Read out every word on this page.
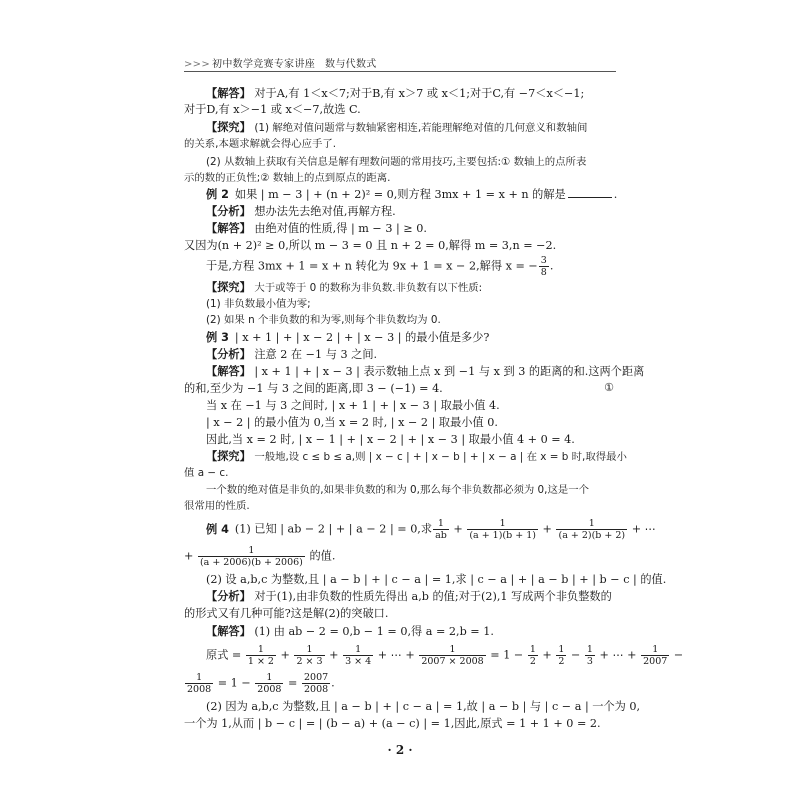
>>> 初中数学竞赛专家讲座 数与代数式
【解答】 对于A,有 1＜x＜7;对于B,有 x＞7 或 x＜1;对于C,有 −7＜x＜−1;
对于D,有 x＞−1 或 x＜−7,故选 C.
【探究】 (1) 解绝对值问题常与数轴紧密相连,若能理解绝对值的几何意义和数轴间
的关系,本题求解就会得心应手了.
(2) 从数轴上获取有关信息是解有理数问题的常用技巧,主要包括:① 数轴上的点所表
示的数的正负性;② 数轴上的点到原点的距离.
例 2 如果 | m − 3 | + (n + 2)² = 0,则方程 3mx + 1 = x + n 的解是	.
【分析】 想办法先去绝对值,再解方程.
【解答】 由绝对值的性质,得 | m − 3 | ≥ 0.
又因为(n + 2)² ≥ 0,所以 m − 3 = 0 且 n + 2 = 0,解得 m = 3,n = −2.
于是,方程 3mx + 1 = x + n 转化为 9x + 1 = x − 2,解得 x = − $\frac{3}{8}$ .
【探究】 大于或等于 0 的数称为非负数.非负数有以下性质:
(1) 非负数最小值为零;
(2) 如果 n 个非负数的和为零,则每个非负数均为 0.
例 3 | x + 1 | + | x − 2 | + | x − 3 | 的最小值是多少?
【分析】 注意 2 在 −1 与 3 之间.
【解答】 | x + 1 | + | x − 3 | 表示数轴上点 x 到 −1 与 x 到 3 的距离的和.这两个距离
的和,至少为 −1 与 3 之间的距离,即 3 − (−1) = 4.	①
当 x 在 −1 与 3 之间时, | x + 1 | + | x − 3 | 取最小值 4.
| x − 2 | 的最小值为 0,当 x = 2 时, | x − 2 | 取最小值 0.
因此,当 x = 2 时, | x − 1 | + | x − 2 | + | x − 3 | 取最小值 4 + 0 = 4.
【探究】 一般地,设 c ≤ b ≤ a,则 | x − c | + | x − b | + | x − a | 在 x = b 时,取得最小
值 a − c.
一个数的绝对值是非负的,如果非负数的和为 0,那么每个非负数都必须为 0,这是一个
很常用的性质.
例 4 (1) 已知 | ab − 2 | + | a − 2 | = 0,求 $\frac{1}{ab} + \frac{1}{(a + 1)(b + 1)} + \frac{1}{(a + 2)(b + 2)}$ + ⋯
+ $\frac{1}{(a + 2006)(b + 2006)}$ 的值.
(2) 设 a,b,c 为整数,且 | a − b | + | c − a | = 1,求 | c − a | + | a − b | + | b − c | 的值.
【分析】 对于(1),由非负数的性质先得出 a,b 的值;对于(2),1 写成两个非负整数的
的形式又有几种可能?这是解(2)的突破口.
【解答】 (1) 由 ab − 2 = 0,b − 1 = 0,得 a = 2,b = 1.
原式 = $\frac{1}{1 \times 2} + \frac{1}{2 \times 3} + \frac{1}{3 \times 4}$ + ⋯ + $\frac{1}{2007 \times 2008} = 1 - \frac{1}{2} + \frac{1}{2} - \frac{1}{3}$ + ⋯ + $\frac{1}{2007}$ −
$\frac{1}{2008} = 1 - \frac{1}{2008} = \frac{2007}{2008}$ .
(2) 因为 a,b,c 为整数,且 | a − b | + | c − a | = 1,故 | a − b | 与 | c − a | 一个为 0,
一个为 1,从而 | b − c | = | (b − a) + (a − c) | = 1,因此,原式 = 1 + 1 + 0 = 2.
· 2 ·
